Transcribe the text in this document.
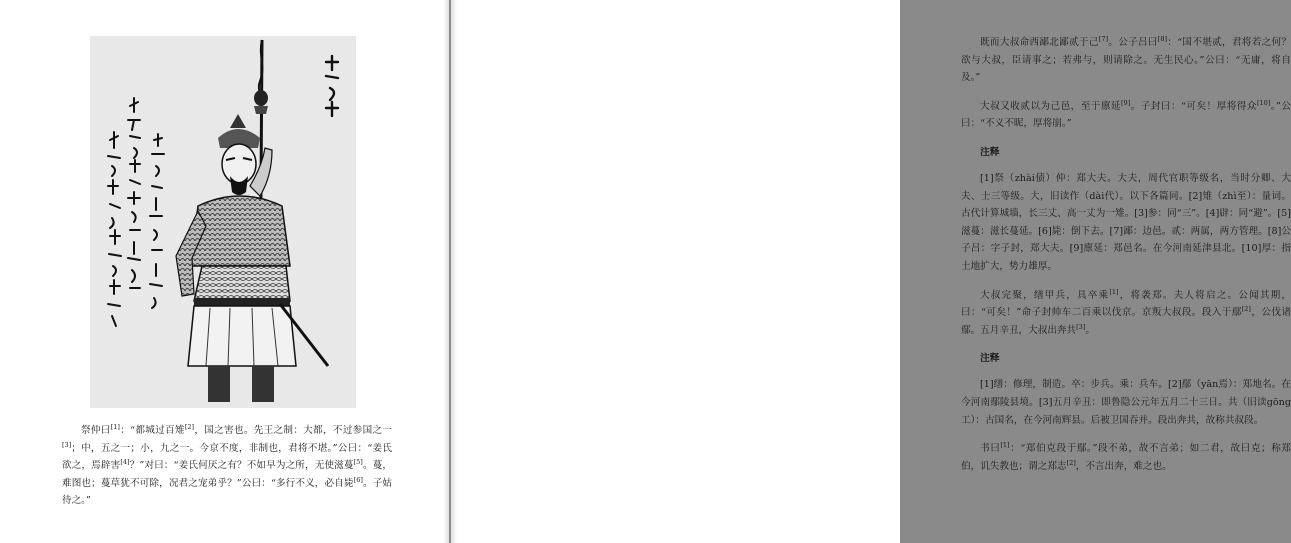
祭仲曰[1]：“都城过百雉[2]，国之害也。先王之制：大都，不过参国之一[3]；中，五之一；小，九之一。今京不度，非制也，君将不堪。”公曰：“姜氏欲之，焉辟害[4]？”对曰：“姜氏何厌之有？不如早为之所，无使滋蔓[5]。蔓，难图也；蔓草犹不可除，况君之宠弟乎？”公曰：“多行不义，必自毙[6]。子姑待之。”

既而大叔命西鄙北鄙贰于己[7]。公子吕曰[8]：“国不堪贰，君将若之何？欲与大叔，臣请事之；若弗与，则请除之。无生民心。”公曰：“无庸，将自及。”

大叔又收贰以为己邑，至于廪延[9]。子封曰：“可矣！厚将得众[10]。”公曰：“不义不昵，厚将崩。”

注释

[1]祭（zhài债）仲：郑大夫。大夫，周代官职等级名，当时分卿、大夫、士三等级。大，旧读作（dài代）。以下各篇同。[2]雉（zhì至）：量词。古代计算城墙，长三丈、高一丈为一雉。[3]参：同“三”。[4]辟：同“避”。[5]滋蔓：滋长蔓延。[6]毙：倒下去。[7]鄙：边邑。贰：两属，两方管理。[8]公子吕：字子封，郑大夫。[9]廪延：郑邑名。在今河南延津县北。[10]厚：指土地扩大，势力雄厚。

大叔完聚，缮甲兵，具卒乘[1]，将袭郑。夫人将启之。公闻其期，曰：“可矣！”命子封帅车二百乘以伐京。京叛大叔段。段入于鄢[2]，公伐诸鄢。五月辛丑，大叔出奔共[3]。

注释

[1]缮：修理，制造。卒：步兵。乘：兵车。[2]鄢（yān焉）：郑地名。在今河南鄢陵县境。[3]五月辛丑：即鲁隐公元年五月二十三日。共（旧读gōng工）：古国名，在今河南辉县。后被卫国吞并。段出奔共，故称共叔段。

书曰[1]：“郑伯克段于鄢。”段不弟，故不言弟；如二君，故曰克；称郑伯，讥失教也；谓之郑志[2]，不言出奔，难之也。
